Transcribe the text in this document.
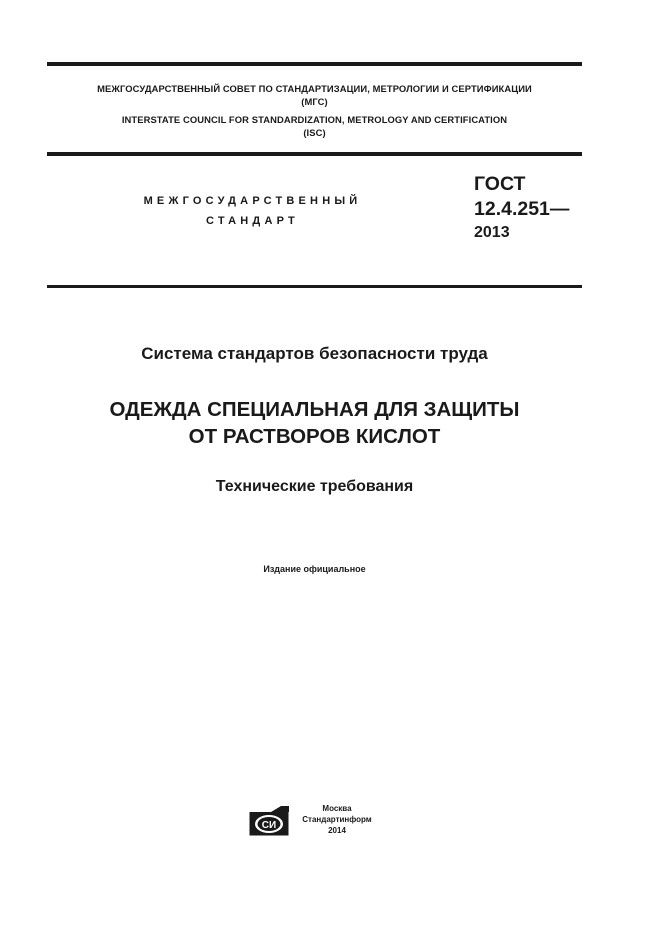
МЕЖГОСУДАРСТВЕННЫЙ СОВЕТ ПО СТАНДАРТИЗАЦИИ, МЕТРОЛОГИИ И СЕРТИФИКАЦИИ
(МГС)
INTERSTATE COUNCIL FOR STANDARDIZATION, METROLOGY AND CERTIFICATION
(ISC)
МЕЖГОСУДАРСТВЕННЫЙ
СТАНДАРТ
ГОСТ
12.4.251—
2013
Система стандартов безопасности труда
ОДЕЖДА СПЕЦИАЛЬНАЯ ДЛЯ ЗАЩИТЫ
ОТ РАСТВОРОВ КИСЛОТ
Технические требования
Издание официальное
СИ
Москва
Стандартинформ
2014
